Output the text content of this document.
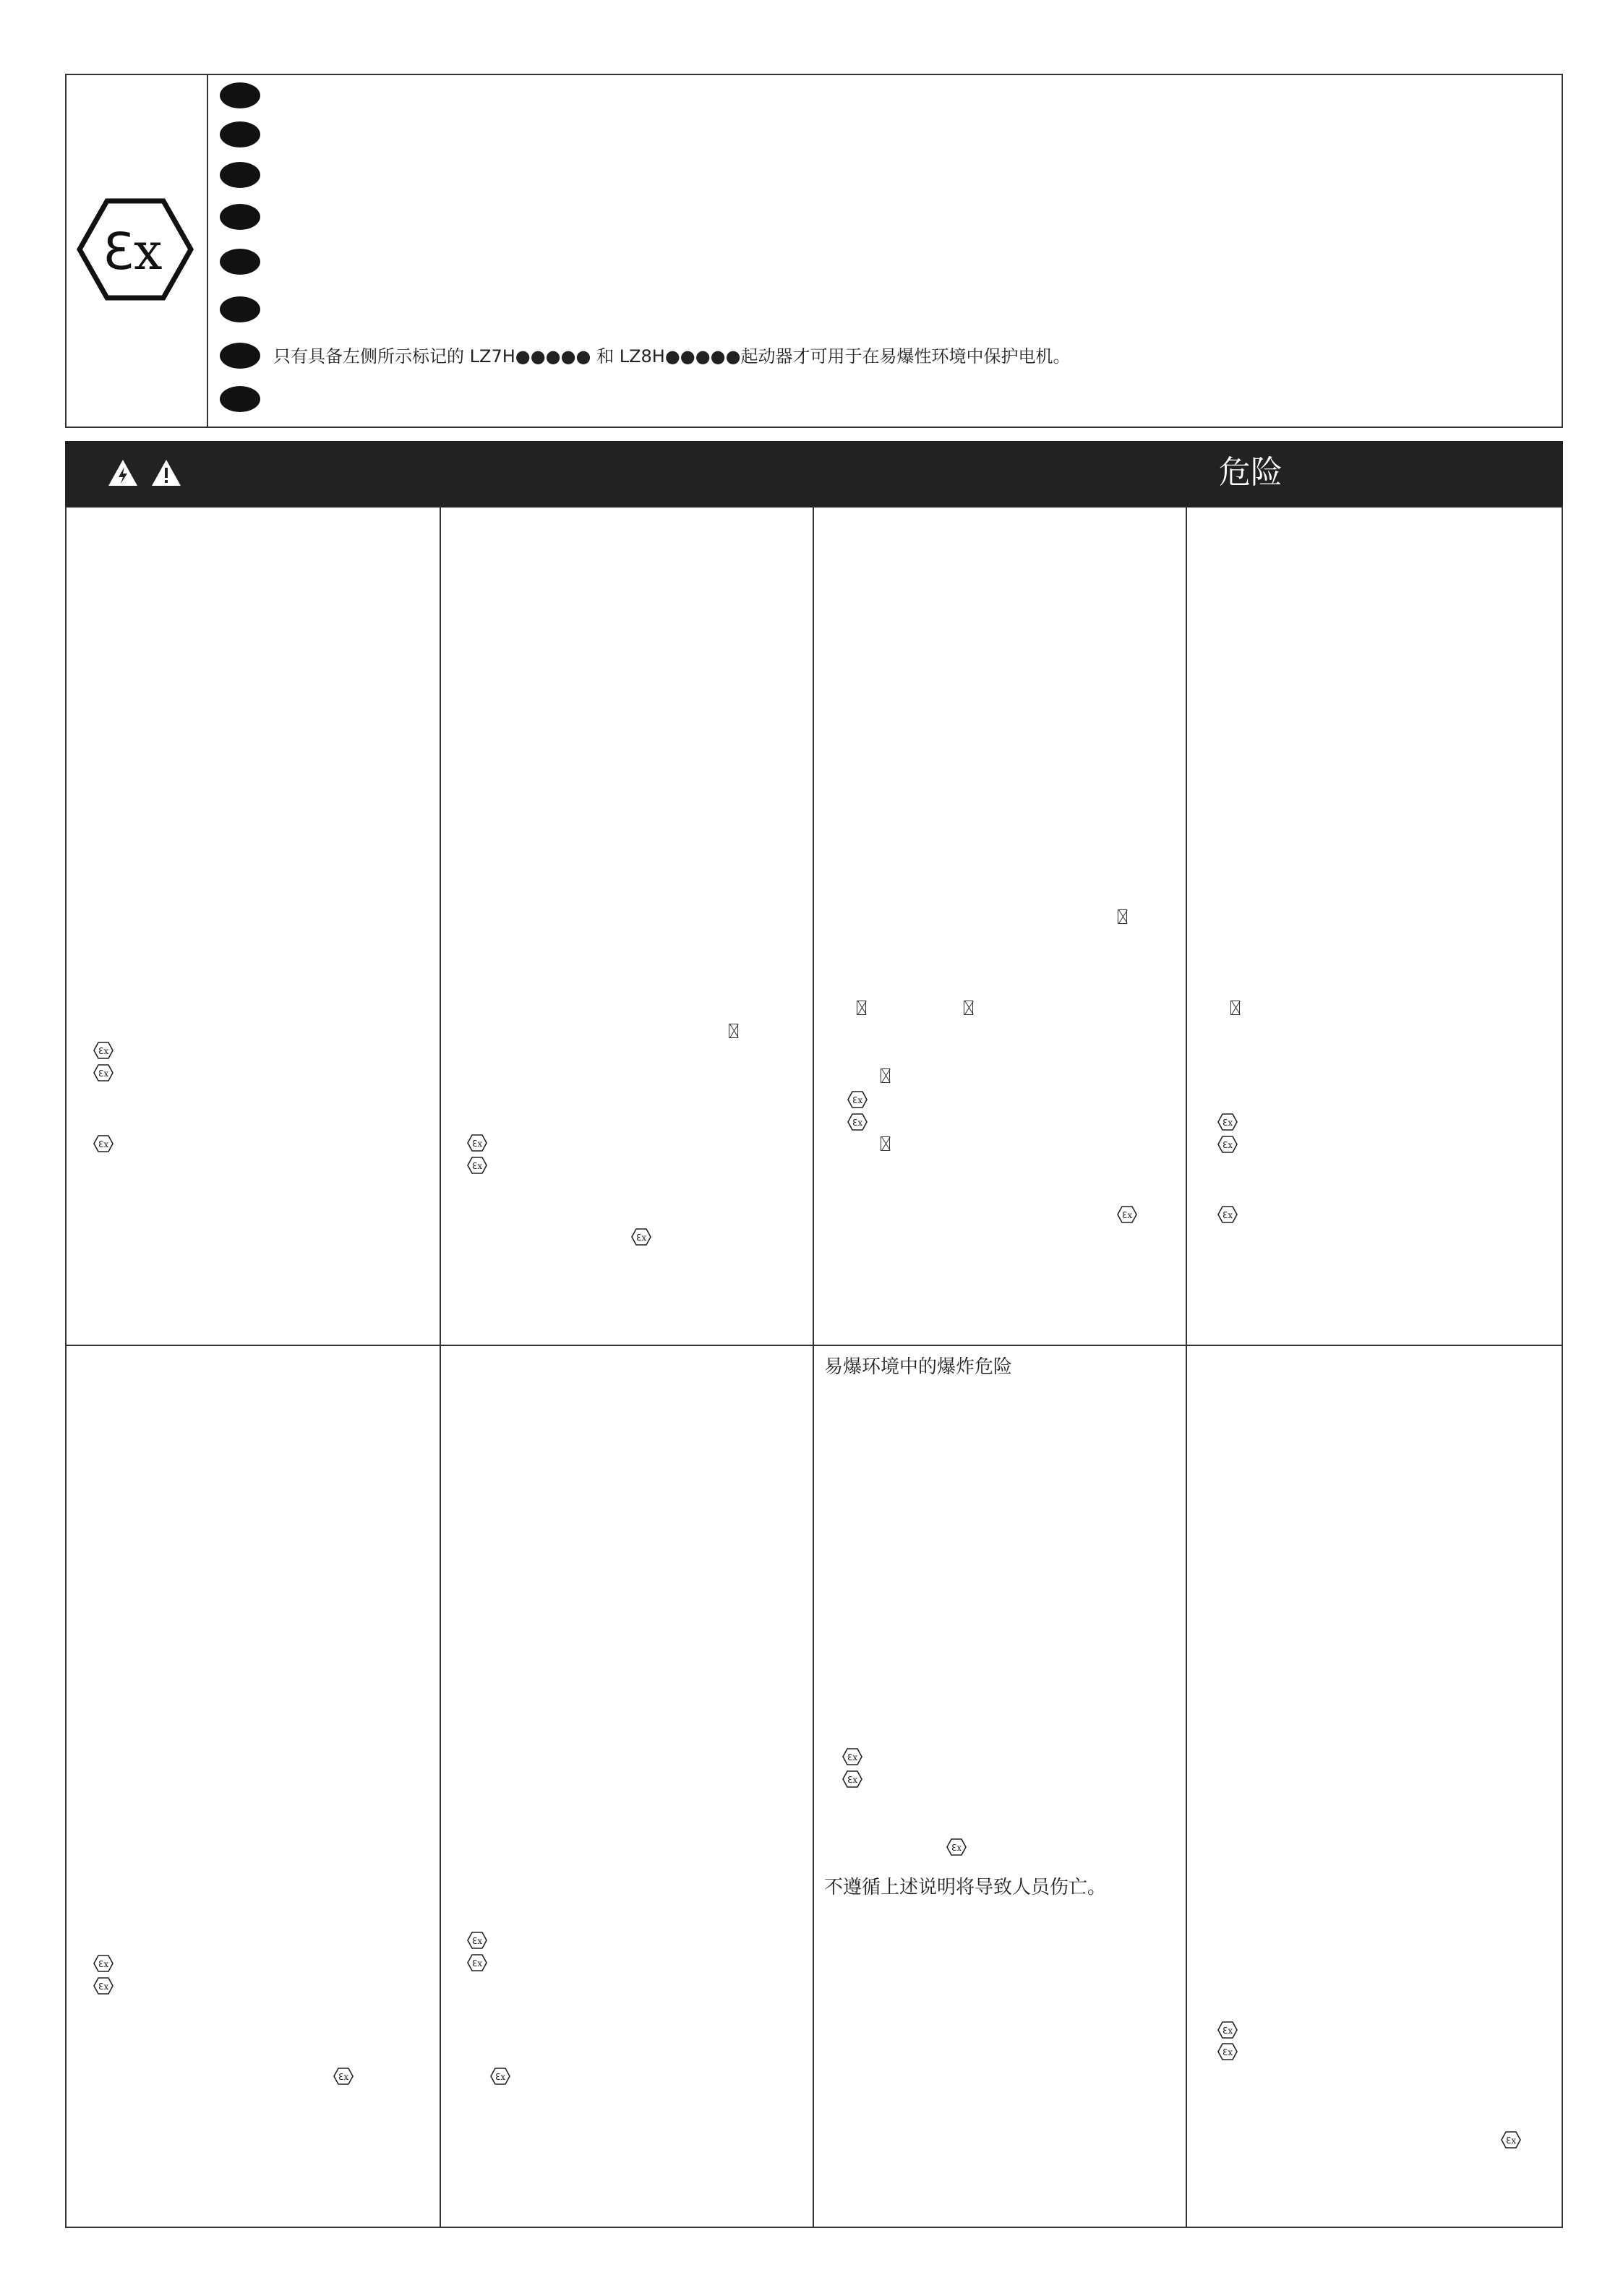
ℇx
只有具备左侧所示标记的 LZ7H●●●●● 和 LZ8H●●●●●起动器才可用于在易爆性环境中保护电机。
危险
易爆环境中的爆炸危险
不遵循上述说明将导致人员伤亡。
